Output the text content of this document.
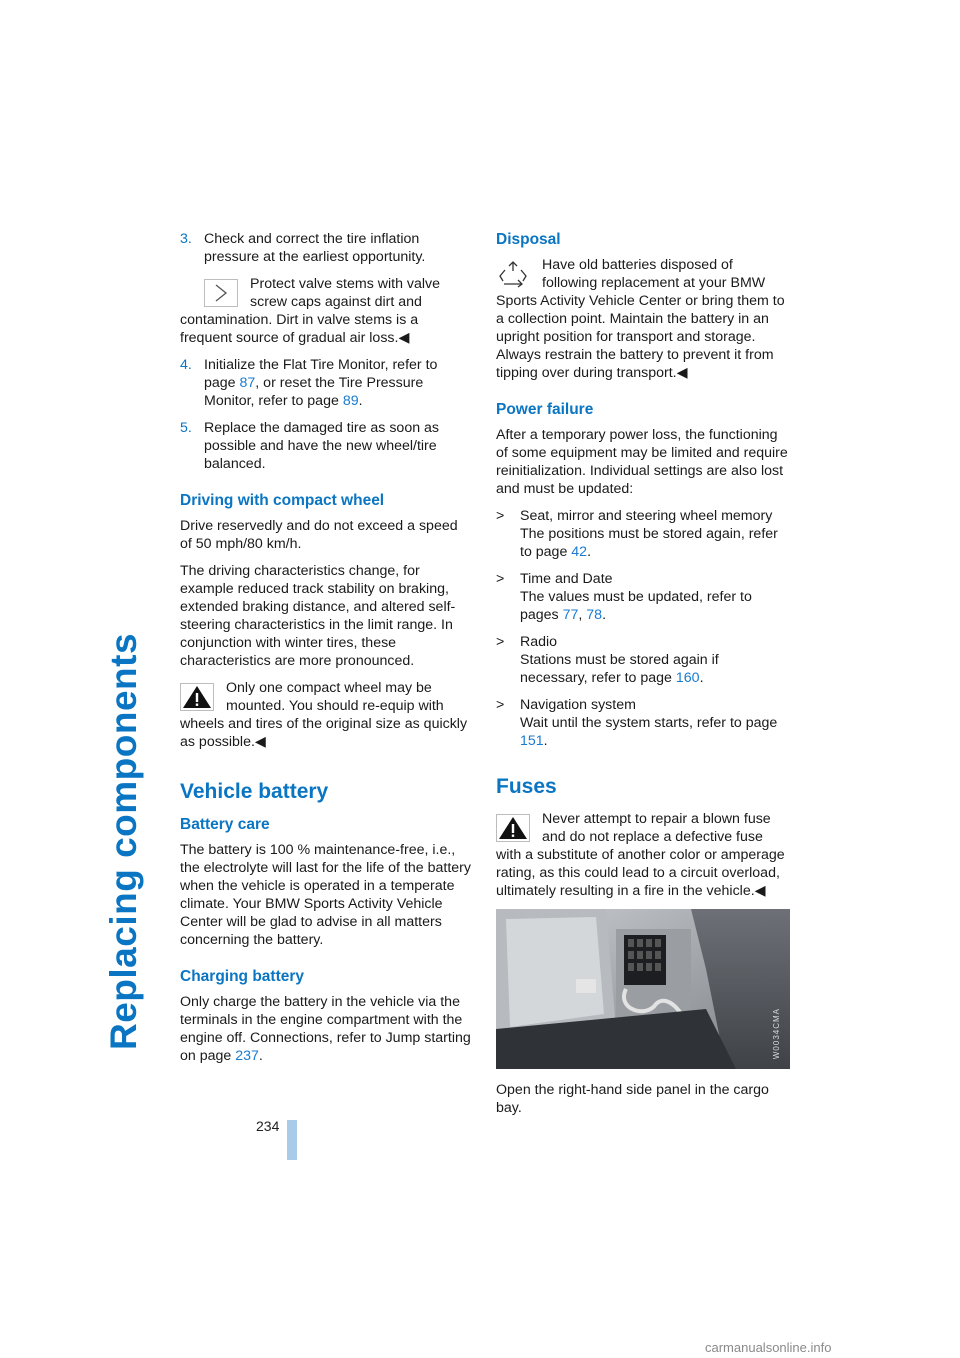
Replacing components
3. Check and correct the tire inflation pressure at the earliest opportunity.
Protect valve stems with valve screw caps against dirt and contamination. Dirt in valve stems is a frequent source of gradual air loss.◀
4. Initialize the Flat Tire Monitor, refer to page 87, or reset the Tire Pressure Monitor, refer to page 89.
5. Replace the damaged tire as soon as possible and have the new wheel/tire balanced.
Driving with compact wheel

Drive reservedly and do not exceed a speed of 50 mph/80 km/h.

The driving characteristics change, for example reduced track stability on braking, extended braking distance, and altered self-steering characteristics in the limit range. In conjunction with winter tires, these characteristics are more pronounced.

Only one compact wheel may be mounted. You should re-equip with wheels and tires of the original size as quickly as possible.◀
Vehicle battery
Battery care

The battery is 100 % maintenance-free, i.e., the electrolyte will last for the life of the battery when the vehicle is operated in a temperate climate. Your BMW Sports Activity Vehicle Center will be glad to advise in all matters concerning the battery.

Charging battery

Only charge the battery in the vehicle via the terminals in the engine compartment with the engine off. Connections, refer to Jump starting on page 237.

Disposal
Have old batteries disposed of following replacement at your BMW Sports Activity Vehicle Center or bring them to a collection point. Maintain the battery in an upright position for transport and storage. Always restrain the battery to prevent it from tipping over during transport.◀
Power failure

After a temporary power loss, the functioning of some equipment may be limited and require reinitialization. Individual settings are also lost and must be updated:

> Seat, mirror and steering wheel memory
The positions must be stored again, refer to page 42.
> Time and Date
The values must be updated, refer to pages 77, 78.
> Radio
Stations must be stored again if necessary, refer to page 160.
> Navigation system
Wait until the system starts, refer to page 151.
Fuses
Never attempt to repair a blown fuse and do not replace a defective fuse with a substitute of another color or amperage rating, as this could lead to a circuit overload, ultimately resulting in a fire in the vehicle.◀
W0034CMA

Open the right-hand side panel in the cargo bay.

234
carmanualsonline.info
